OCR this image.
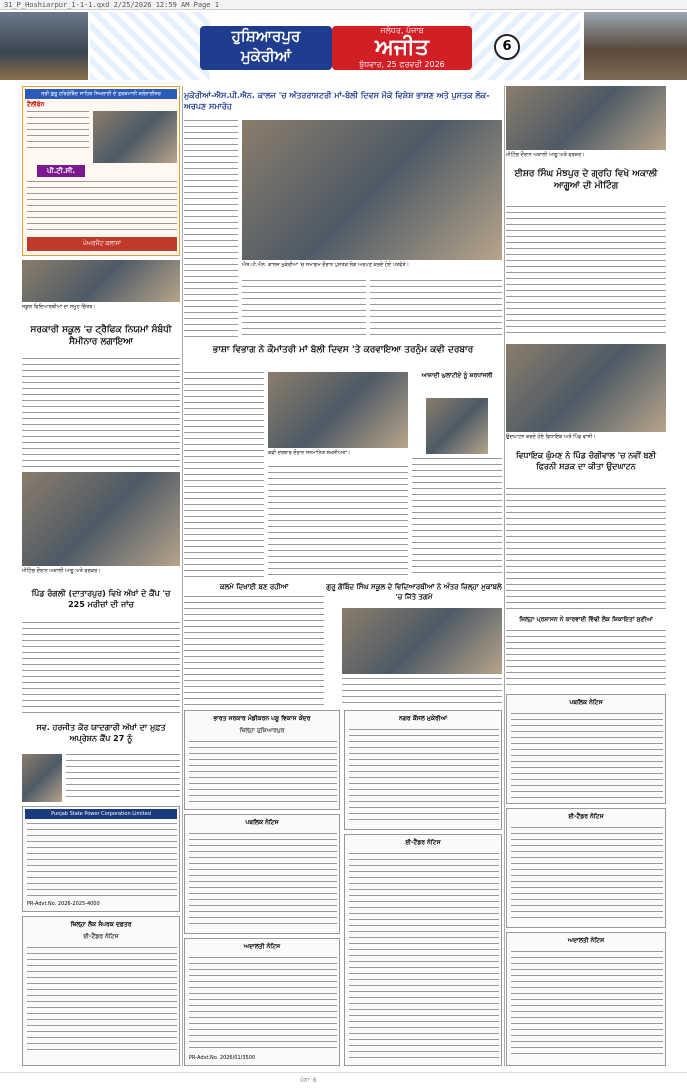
31_P_Hoshiarpur_1-1-1.qxd 2/25/2026 12:59 AM Page 1
ਹੁਸ਼ਿਆਰਪੁਰ
ਮੁਕੇਰੀਆਂ
ਜਲੰਧਰ, ਪੰਜਾਬ
ਅਜੀਤ
ਬੁੱਧਵਾਰ, 25 ਫਰਵਰੀ 2026
6
ਸ੍ਰੀ ਗੁਰੂ ਹਰਿਗੋਬਿੰਦ ਸਾਹਿਬ ਸਿਖਲਾਈ ਦੇ ਤੁਰਕਮਾਨੀ ਕਲੋਨਾਈਜ਼ਰ
ਟੈਲੀਫੋਨ
ਪੀ.ਟੀ.ਸੀ.
ਪੇਅਰਮੈਂਟ ਕਲਾਸਾਂ
ਸਕੂਲ ਵਿਦਿਆਰਥੀਆਂ ਦਾ ਸਮੂਹ ਚਿੱਤਰ।
ਸਰਕਾਰੀ ਸਕੂਲ 'ਚ ਟ੍ਰੈਫਿਕ ਨਿਯਮਾਂ ਸੰਬੰਧੀ ਸੈਮੀਨਾਰ ਲਗਾਇਆ
ਮੀਟਿੰਗ ਦੌਰਾਨ ਅਕਾਲੀ ਆਗੂ ਅਤੇ ਵਰਕਰ।
ਪਿੰਡ ਰੰਗਲੀ (ਦਾਤਾਰਪੁਰ) ਵਿਖੇ ਅੱਖਾਂ ਦੇ ਕੈਂਪ 'ਚ 225 ਮਰੀਜ਼ਾਂ ਦੀ ਜਾਂਚ
ਸਵ. ਹਰਜੀਤ ਕੌਰ ਯਾਦਗਾਰੀ ਅੱਖਾਂ ਦਾ ਮੁਫ਼ਤ ਅਪ੍ਰੇਸ਼ਨ ਕੈਂਪ 27 ਨੂੰ
Punjab State Power Corporation Limited
PR-Advt.No. 2026-2025-4000
ਜ਼ਿਲ੍ਹਾ ਲੋਕ ਸੰਪਰਕ ਦਫ਼ਤਰ
ਈ-ਟੈਂਡਰ ਨੋਟਿਸ
ਮੁਕੇਰੀਆਂ-ਐਸ.ਪੀ.ਐਨ. ਕਾਲਜ 'ਚ ਅੰਤਰਰਾਸ਼ਟਰੀ ਮਾਂ-ਬੋਲੀ ਦਿਵਸ ਮੌਕੇ ਵਿਸ਼ੇਸ਼ ਭਾਸ਼ਣ ਅਤੇ ਪੁਸਤਕ ਲੋਕ-ਅਰਪਣ ਸਮਾਰੋਹ
ਐਸ.ਪੀ.ਐਨ. ਕਾਲਜ ਮੁਕੇਰੀਆਂ 'ਚ ਸਮਾਗਮ ਦੌਰਾਨ ਪੁਸਤਕ ਲੋਕ ਅਰਪਣ ਕਰਦੇ ਹੋਏ ਪਤਵੰਤੇ।
ਭਾਸ਼ਾ ਵਿਭਾਗ ਨੇ ਕੌਮਾਂਤਰੀ ਮਾਂ ਬੋਲੀ ਦਿਵਸ 'ਤੇ ਕਰਵਾਇਆ ਤਰਨੁੰਮ ਕਵੀ ਦਰਬਾਰ
ਕਵੀ ਦਰਬਾਰ ਦੌਰਾਨ ਸਨਮਾਨਿਤ ਸ਼ਖ਼ਸੀਅਤਾਂ।
ਆਜ਼ਾਦੀ ਘੁਲਾਟੀਏ ਨੂੰ ਸ਼ਰਧਾਂਜਲੀ
ਕਲਮੇ ਦਿਖਾਈ ਬਣ ਰਹੀਆਂ	ਗੁਰੂ ਗੋਬਿੰਦ ਸਿੰਘ ਸਕੂਲ ਦੇ ਵਿਦਿਆਰਥੀਆਂ ਨੇ ਅੰਤਰ ਜ਼ਿਲ੍ਹਾ ਮੁਕਾਬਲੇ 'ਚ ਜਿੱਤੇ ਤਗਮੇ
ਭਾਰਤ ਸਰਕਾਰ ਮੰਡੀਕਰਨ ਪਸ਼ੂ ਵਿਕਾਸ ਕੇਂਦਰ
ਜ਼ਿਲ੍ਹਾ ਹੁਸ਼ਿਆਰਪੁਰ
ਪਬਲਿਕ ਨੋਟਿਸ
ਅਦਾਲਤੀ ਨੋਟਿਸ
PR-Advt.No. 2026/01/3500
ਨਗਰ ਕੌਂਸਲ ਮੁਕੇਰੀਆਂ
ਈ-ਟੈਂਡਰ ਨੋਟਿਸ
ਮੀਟਿੰਗ ਦੌਰਾਨ ਅਕਾਲੀ ਆਗੂ ਅਤੇ ਵਰਕਰ।
ਈਸ਼ਰ ਸਿੰਘ ਮੰਝਪੁਰ ਦੇ ਗ੍ਰਹਿ ਵਿਖੇ ਅਕਾਲੀ ਆਗੂਆਂ ਦੀ ਮੀਟਿੰਗ
ਉਦਘਾਟਨ ਕਰਦੇ ਹੋਏ ਵਿਧਾਇਕ ਅਤੇ ਪਿੰਡ ਵਾਸੀ।
ਵਿਧਾਇਕ ਘੁੰਮਣ ਨੇ ਪਿੰਡ ਚੰਗੀਵਾਲ 'ਚ ਨਵੀਂ ਬਣੀ ਫਿਰਨੀ ਸੜਕ ਦਾ ਕੀਤਾ ਉਦਘਾਟਨ
ਜ਼ਿਲ੍ਹਾ ਪ੍ਰਸ਼ਾਸਨ ਨੇ ਕਾਰਵਾਈ ਵਿੱਢੀ ਲੋਕ ਸ਼ਿਕਾਇਤਾਂ ਸੁਣੀਆਂ
ਪਬਲਿਕ ਨੋਟਿਸ
ਈ-ਟੈਂਡਰ ਨੋਟਿਸ
ਅਦਾਲਤੀ ਨੋਟਿਸ
ਪੰਨਾ 6
